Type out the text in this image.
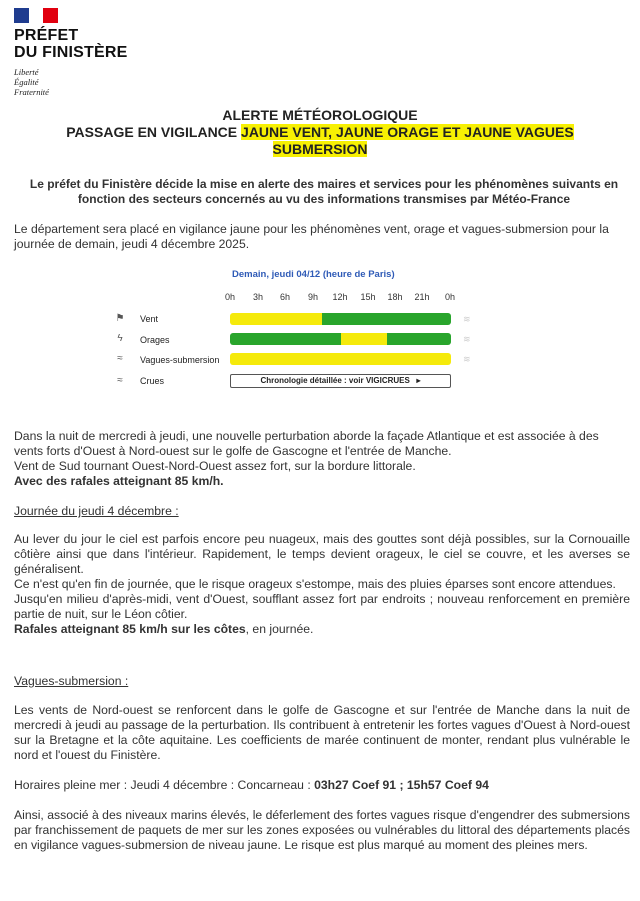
PRÉFET
DU FINISTÈRE
Liberté
Égalité
Fraternité
ALERTE MÉTÉOROLOGIQUE
PASSAGE EN VIGILANCE JAUNE VENT, JAUNE ORAGE ET JAUNE VAGUES
SUBMERSION
Le préfet du Finistère décide la mise en alerte des maires et services pour les phénomènes suivants en fonction des secteurs concernés au vu des informations transmises par Météo-France
Le département sera placé en vigilance jaune pour les phénomènes vent, orage et vagues-submersion pour la journée de demain, jeudi 4 décembre 2025.
Demain, jeudi 04/12 (heure de Paris)
0h	3h	6h	9h	12h	15h	18h	21h	0h
⚑	Vent	≋
ϟ	Orages	≋
≈	Vagues-submersion	≋
≈	Crues	Chronologie détaillée : voir VIGICRUES ▸
Dans la nuit de mercredi à jeudi, une nouvelle perturbation aborde la façade Atlantique et est associée à des vents forts d'Ouest à Nord-ouest sur le golfe de Gascogne et l'entrée de Manche.
Vent de Sud tournant Ouest-Nord-Ouest assez fort, sur la bordure littorale.
Avec des rafales atteignant 85 km/h.
Journée du jeudi 4 décembre :
Au lever du jour le ciel est parfois encore peu nuageux, mais des gouttes sont déjà possibles, sur la Cornouaille côtière ainsi que dans l'intérieur. Rapidement, le temps devient orageux, le ciel se couvre, et les averses se généralisent.
Ce n'est qu'en fin de journée, que le risque orageux s'estompe, mais des pluies éparses sont encore attendues.
Jusqu'en milieu d'après-midi, vent d'Ouest, soufflant assez fort par endroits ; nouveau renforcement en première partie de nuit, sur le Léon côtier.
Rafales atteignant 85 km/h sur les côtes, en journée.
Vagues-submersion :
Les vents de Nord-ouest se renforcent dans le golfe de Gascogne et sur l'entrée de Manche dans la nuit de mercredi à jeudi au passage de la perturbation. Ils contribuent à entretenir les fortes vagues d'Ouest à Nord-ouest sur la Bretagne et la côte aquitaine. Les coefficients de marée continuent de monter, rendant plus vulnérable le nord et l'ouest du Finistère.
Horaires pleine mer : Jeudi 4 décembre : Concarneau : 03h27 Coef 91 ; 15h57 Coef 94
Ainsi, associé à des niveaux marins élevés, le déferlement des fortes vagues risque d'engendrer des submersions par franchissement de paquets de mer sur les zones exposées ou vulnérables du littoral des départements placés en vigilance vagues-submersion de niveau jaune. Le risque est plus marqué au moment des pleines mers.
